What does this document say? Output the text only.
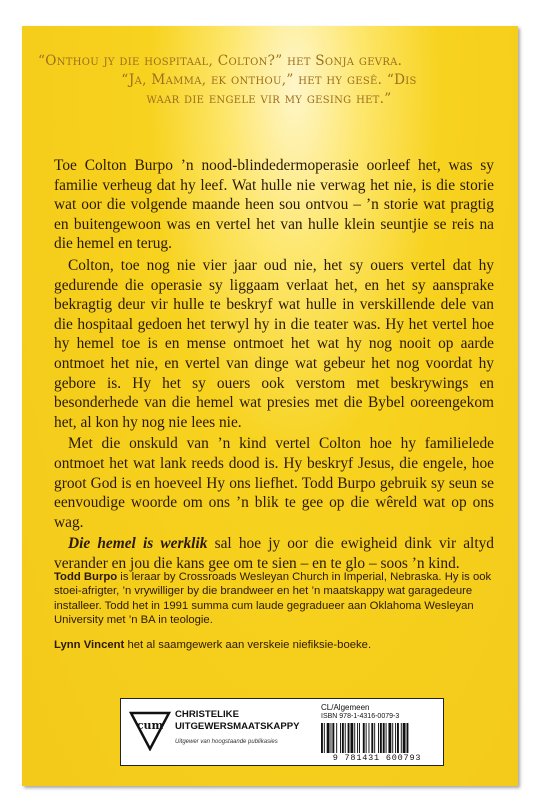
“Onthou jy die hospitaal, Colton?” het Sonja gevra.

“Ja, Mamma, ek onthou,” het hy gesê. “Dis

waar die engele vir my gesing het.”

Toe Colton Burpo ’n nood-blindedermoperasie oorleef het, was sy familie verheug dat hy leef. Wat hulle nie verwag het nie, is die storie wat oor die volgende maande heen sou ontvou – ’n storie wat pragtig en buitengewoon was en vertel het van hulle klein seuntjie se reis na die hemel en terug.

Colton, toe nog nie vier jaar oud nie, het sy ouers vertel dat hy gedurende die operasie sy liggaam verlaat het, en het sy aansprake bekragtig deur vir hulle te beskryf wat hulle in verskillende dele van die hospitaal gedoen het terwyl hy in die teater was. Hy het vertel hoe hy hemel toe is en mense ontmoet het wat hy nog nooit op aarde ontmoet het nie, en vertel van dinge wat gebeur het nog voordat hy gebore is. Hy het sy ouers ook verstom met beskrywings en besonderhede van die hemel wat presies met die Bybel ooreengekom het, al kon hy nog nie lees nie.

Met die onskuld van ’n kind vertel Colton hoe hy familielede ontmoet het wat lank reeds dood is. Hy beskryf Jesus, die engele, hoe groot God is en hoeveel Hy ons liefhet. Todd Burpo gebruik sy seun se eenvoudige woorde om ons ’n blik te gee op die wêreld wat op ons wag.

Die hemel is werklik sal hoe jy oor die ewigheid dink vir altyd verander en jou die kans gee om te sien – en te glo – soos ’n kind.

Todd Burpo is leraar by Crossroads Wesleyan Church in Imperial, Nebraska. Hy is ook stoei-afrigter, ’n vrywilliger by die brandweer en het ’n maatskappy wat garagedeure installeer. Todd het in 1991 summa cum laude gegradueer aan Oklahoma Wesleyan University met ’n BA in teologie.

Lynn Vincent het al saamgewerk aan verskeie niefiksie-boeke.

cum
CHRISTELIKE
UITGEWERSMAATSKAPPY
Uitgewer van hoogstaande publikasies
CL/Algemeen
ISBN 978-1-4316-0079-3
9 781431 600793
